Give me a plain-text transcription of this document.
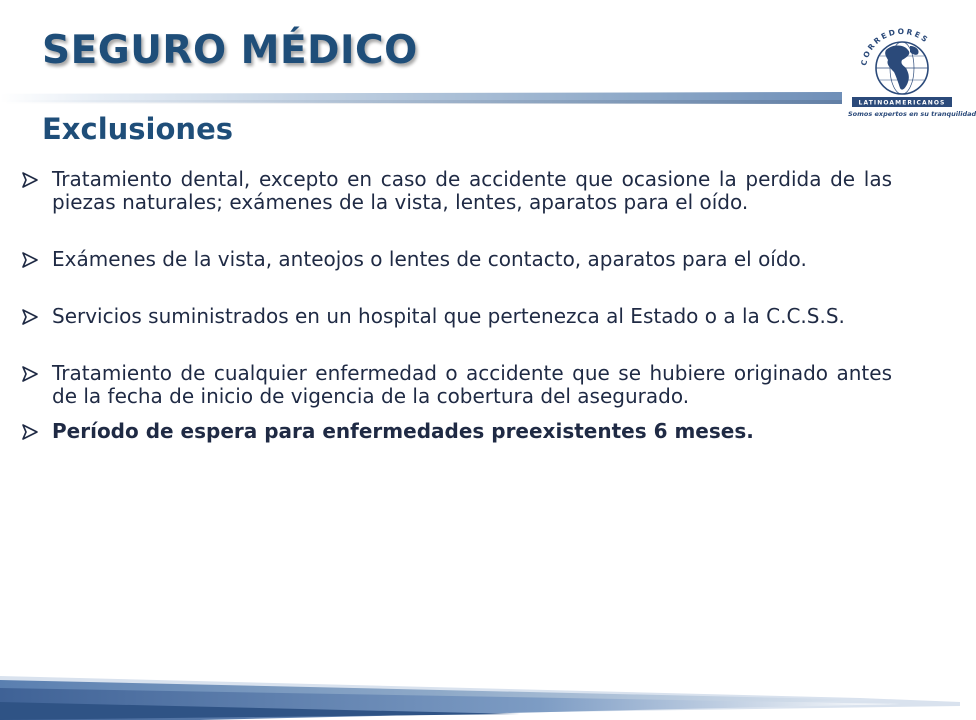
SEGURO MÉDICO	CORREDORES
LATINOAMERICANOS
Somos expertos en su tranquilidad
Exclusiones
Tratamiento dental, excepto en caso de accidente que ocasione la perdida de las piezas naturales; exámenes de la vista, lentes, aparatos para el oído.
Exámenes de la vista, anteojos o lentes de contacto, aparatos para el oído.
Servicios suministrados en un hospital que pertenezca al Estado o a la C.C.S.S.
Tratamiento de cualquier enfermedad o accidente que se hubiere originado antes de la fecha de inicio de vigencia de la cobertura del asegurado.
Período de espera para enfermedades preexistentes 6 meses.
